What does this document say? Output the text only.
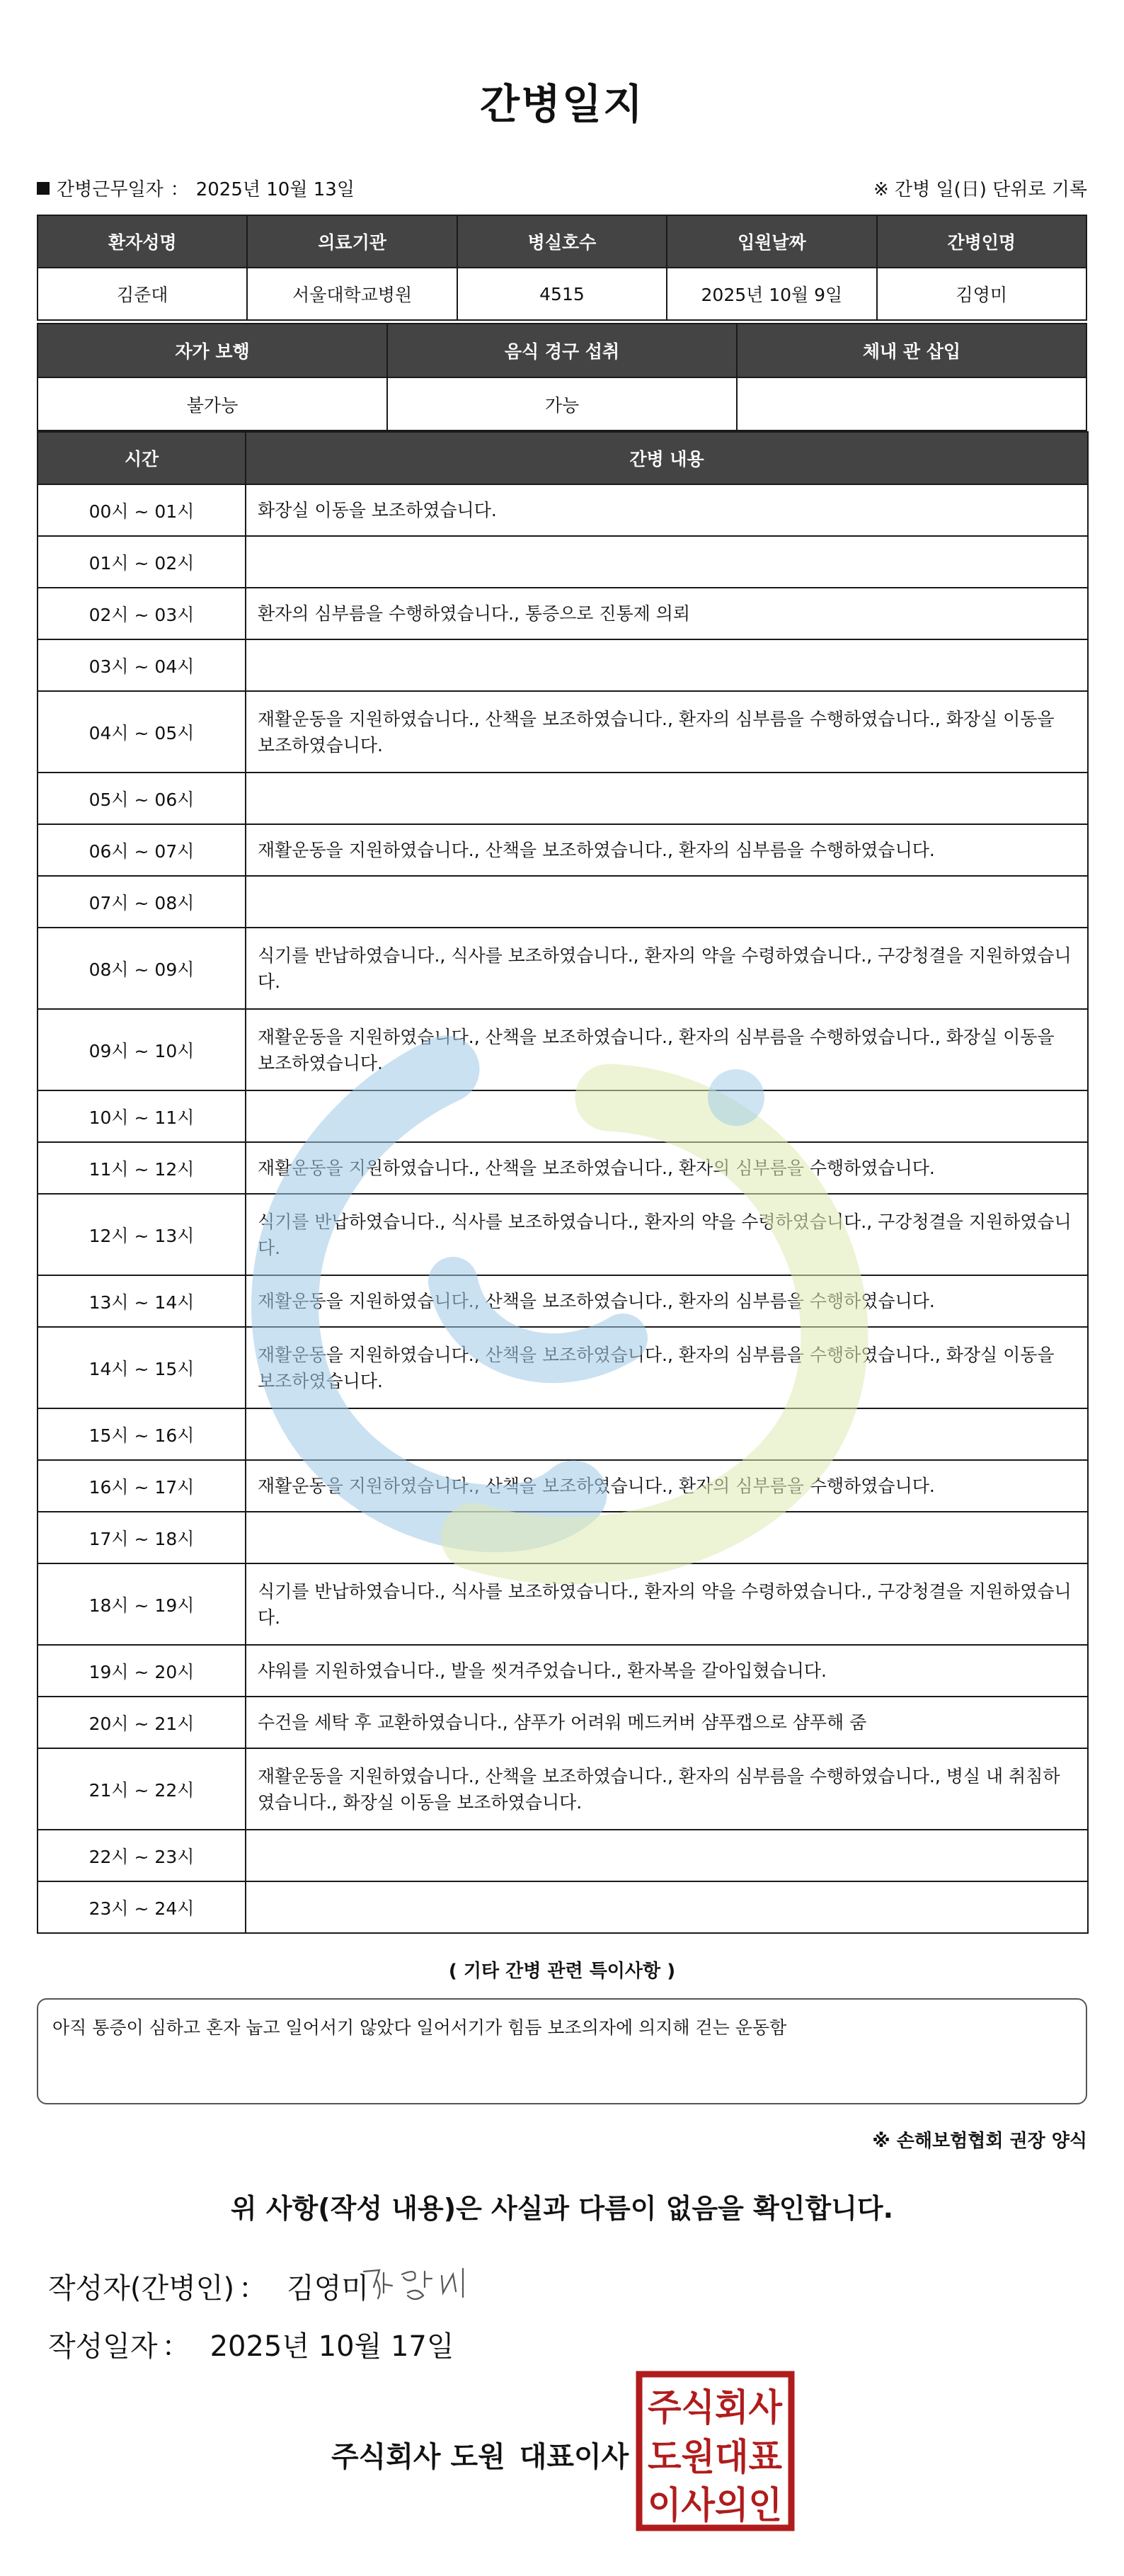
간병일지
간병근무일자 ： 2025년 10월 13일	※ 간병 일(日) 단위로 기록
환자성명	의료기관	병실호수	입원날짜	간병인명
김준대	서울대학교병원	4515	2025년 10월 9일	김영미
자가 보행	음식 경구 섭취	체내 관 삽입
불가능	가능	
시간	간병 내용
00시 ~ 01시	화장실 이동을 보조하였습니다.
01시 ~ 02시	
02시 ~ 03시	환자의 심부름을 수행하였습니다., 통증으로 진통제 의뢰
03시 ~ 04시	
04시 ~ 05시	재활운동을 지원하였습니다., 산책을 보조하였습니다., 환자의 심부름을 수행하였습니다., 화장실 이동을 보조하였습니다.
05시 ~ 06시	
06시 ~ 07시	재활운동을 지원하였습니다., 산책을 보조하였습니다., 환자의 심부름을 수행하였습니다.
07시 ~ 08시	
08시 ~ 09시	식기를 반납하였습니다., 식사를 보조하였습니다., 환자의 약을 수령하였습니다., 구강청결을 지원하였습니다.
09시 ~ 10시	재활운동을 지원하였습니다., 산책을 보조하였습니다., 환자의 심부름을 수행하였습니다., 화장실 이동을 보조하였습니다.
10시 ~ 11시	
11시 ~ 12시	재활운동을 지원하였습니다., 산책을 보조하였습니다., 환자의 심부름을 수행하였습니다.
12시 ~ 13시	식기를 반납하였습니다., 식사를 보조하였습니다., 환자의 약을 수령하였습니다., 구강청결을 지원하였습니다.
13시 ~ 14시	재활운동을 지원하였습니다., 산책을 보조하였습니다., 환자의 심부름을 수행하였습니다.
14시 ~ 15시	재활운동을 지원하였습니다., 산책을 보조하였습니다., 환자의 심부름을 수행하였습니다., 화장실 이동을 보조하였습니다.
15시 ~ 16시	
16시 ~ 17시	재활운동을 지원하였습니다., 산책을 보조하였습니다., 환자의 심부름을 수행하였습니다.
17시 ~ 18시	
18시 ~ 19시	식기를 반납하였습니다., 식사를 보조하였습니다., 환자의 약을 수령하였습니다., 구강청결을 지원하였습니다.
19시 ~ 20시	샤워를 지원하였습니다., 발을 씻겨주었습니다., 환자복을 갈아입혔습니다.
20시 ~ 21시	수건을 세탁 후 교환하였습니다., 샴푸가 어려워 메드커버 샴푸캡으로 샴푸해 줌
21시 ~ 22시	재활운동을 지원하였습니다., 산책을 보조하였습니다., 환자의 심부름을 수행하였습니다., 병실 내 취침하였습니다., 화장실 이동을 보조하였습니다.
22시 ~ 23시	
23시 ~ 24시	
( 기타 간병 관련 특이사항 )
아직 통증이 심하고 혼자 눕고 일어서기 않았다 일어서기가 힘듬 보조의자에 의지해 걷는 운동함
※ 손해보험협회 권장 양식
위 사항(작성 내용)은 사실과 다름이 없음을 확인합니다.
작성자(간병인) ： 김영미
작성일자 ： 2025년 10월 17일
주식회사 도원 대표이사
주식회사
도원대표
이사의인
